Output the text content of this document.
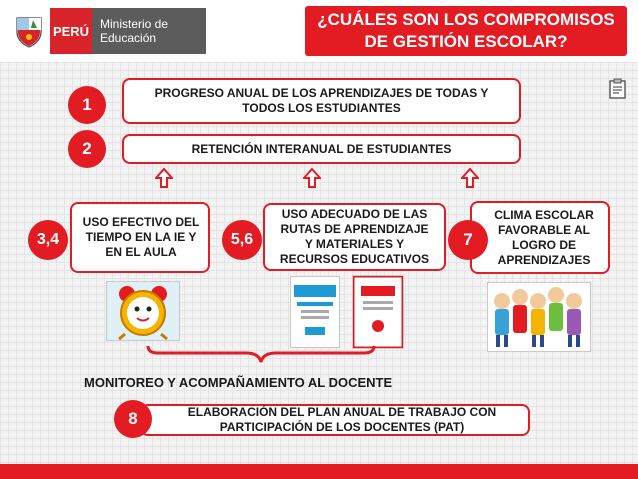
PERÚ Ministerio de Educación
¿CUÁLES SON LOS COMPROMISOS DE GESTIÓN ESCOLAR?
1
PROGRESO ANUAL DE LOS APRENDIZAJES DE TODAS Y TODOS LOS ESTUDIANTES
2	RETENCIÓN INTERANUAL DE ESTUDIANTES
USO EFECTIVO DEL TIEMPO EN LA IE Y EN EL AULA
3,4
USO ADECUADO DE LAS RUTAS DE APRENDIZAJE Y MATERIALES Y RECURSOS EDUCATIVOS
5,6
CLIMA ESCOLAR FAVORABLE AL LOGRO DE APRENDIZAJES
7
MONITOREO Y ACOMPAÑAMIENTO AL DOCENTE
ELABORACIÓN DEL PLAN ANUAL DE TRABAJO CON PARTICIPACIÓN DE LOS DOCENTES (PAT)
8
